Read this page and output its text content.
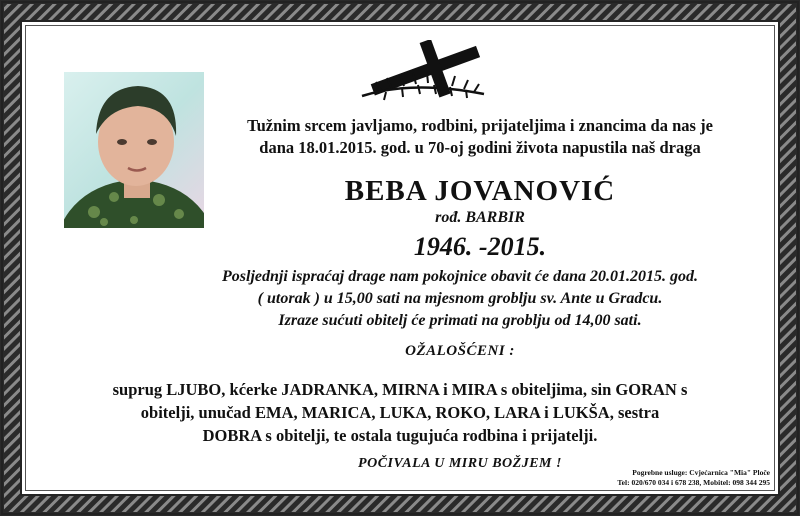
Tužnim srcem javljamo, rodbini, prijateljima i znancima da nas je
dana 18.01.2015. god. u 70-oj godini života napustila naš draga
BEBA JOVANOVIĆ
rođ. BARBIR
1946. -2015.
Posljednji ispraćaj drage nam pokojnice obavit će dana 20.01.2015. god.
( utorak ) u 15,00 sati na mjesnom groblju sv. Ante u Gradcu.
Izraze sućuti obitelj će primati na groblju od 14,00 sati.
OŽALOŠĆENI :
suprug LJUBO, kćerke JADRANKA, MIRNA i MIRA s obiteljima, sin GORAN s
obitelji, unučad EMA, MARICA, LUKA, ROKO, LARA i LUKŠA, sestra
DOBRA s obitelji, te ostala tugujuća rodbina i prijatelji.
POČIVALA U MIRU BOŽJEM !
Pogrebne usluge: Cvjećarnica "Mia" Ploče
Tel: 020/670 034 i 678 238, Mobitel: 098 344 295
